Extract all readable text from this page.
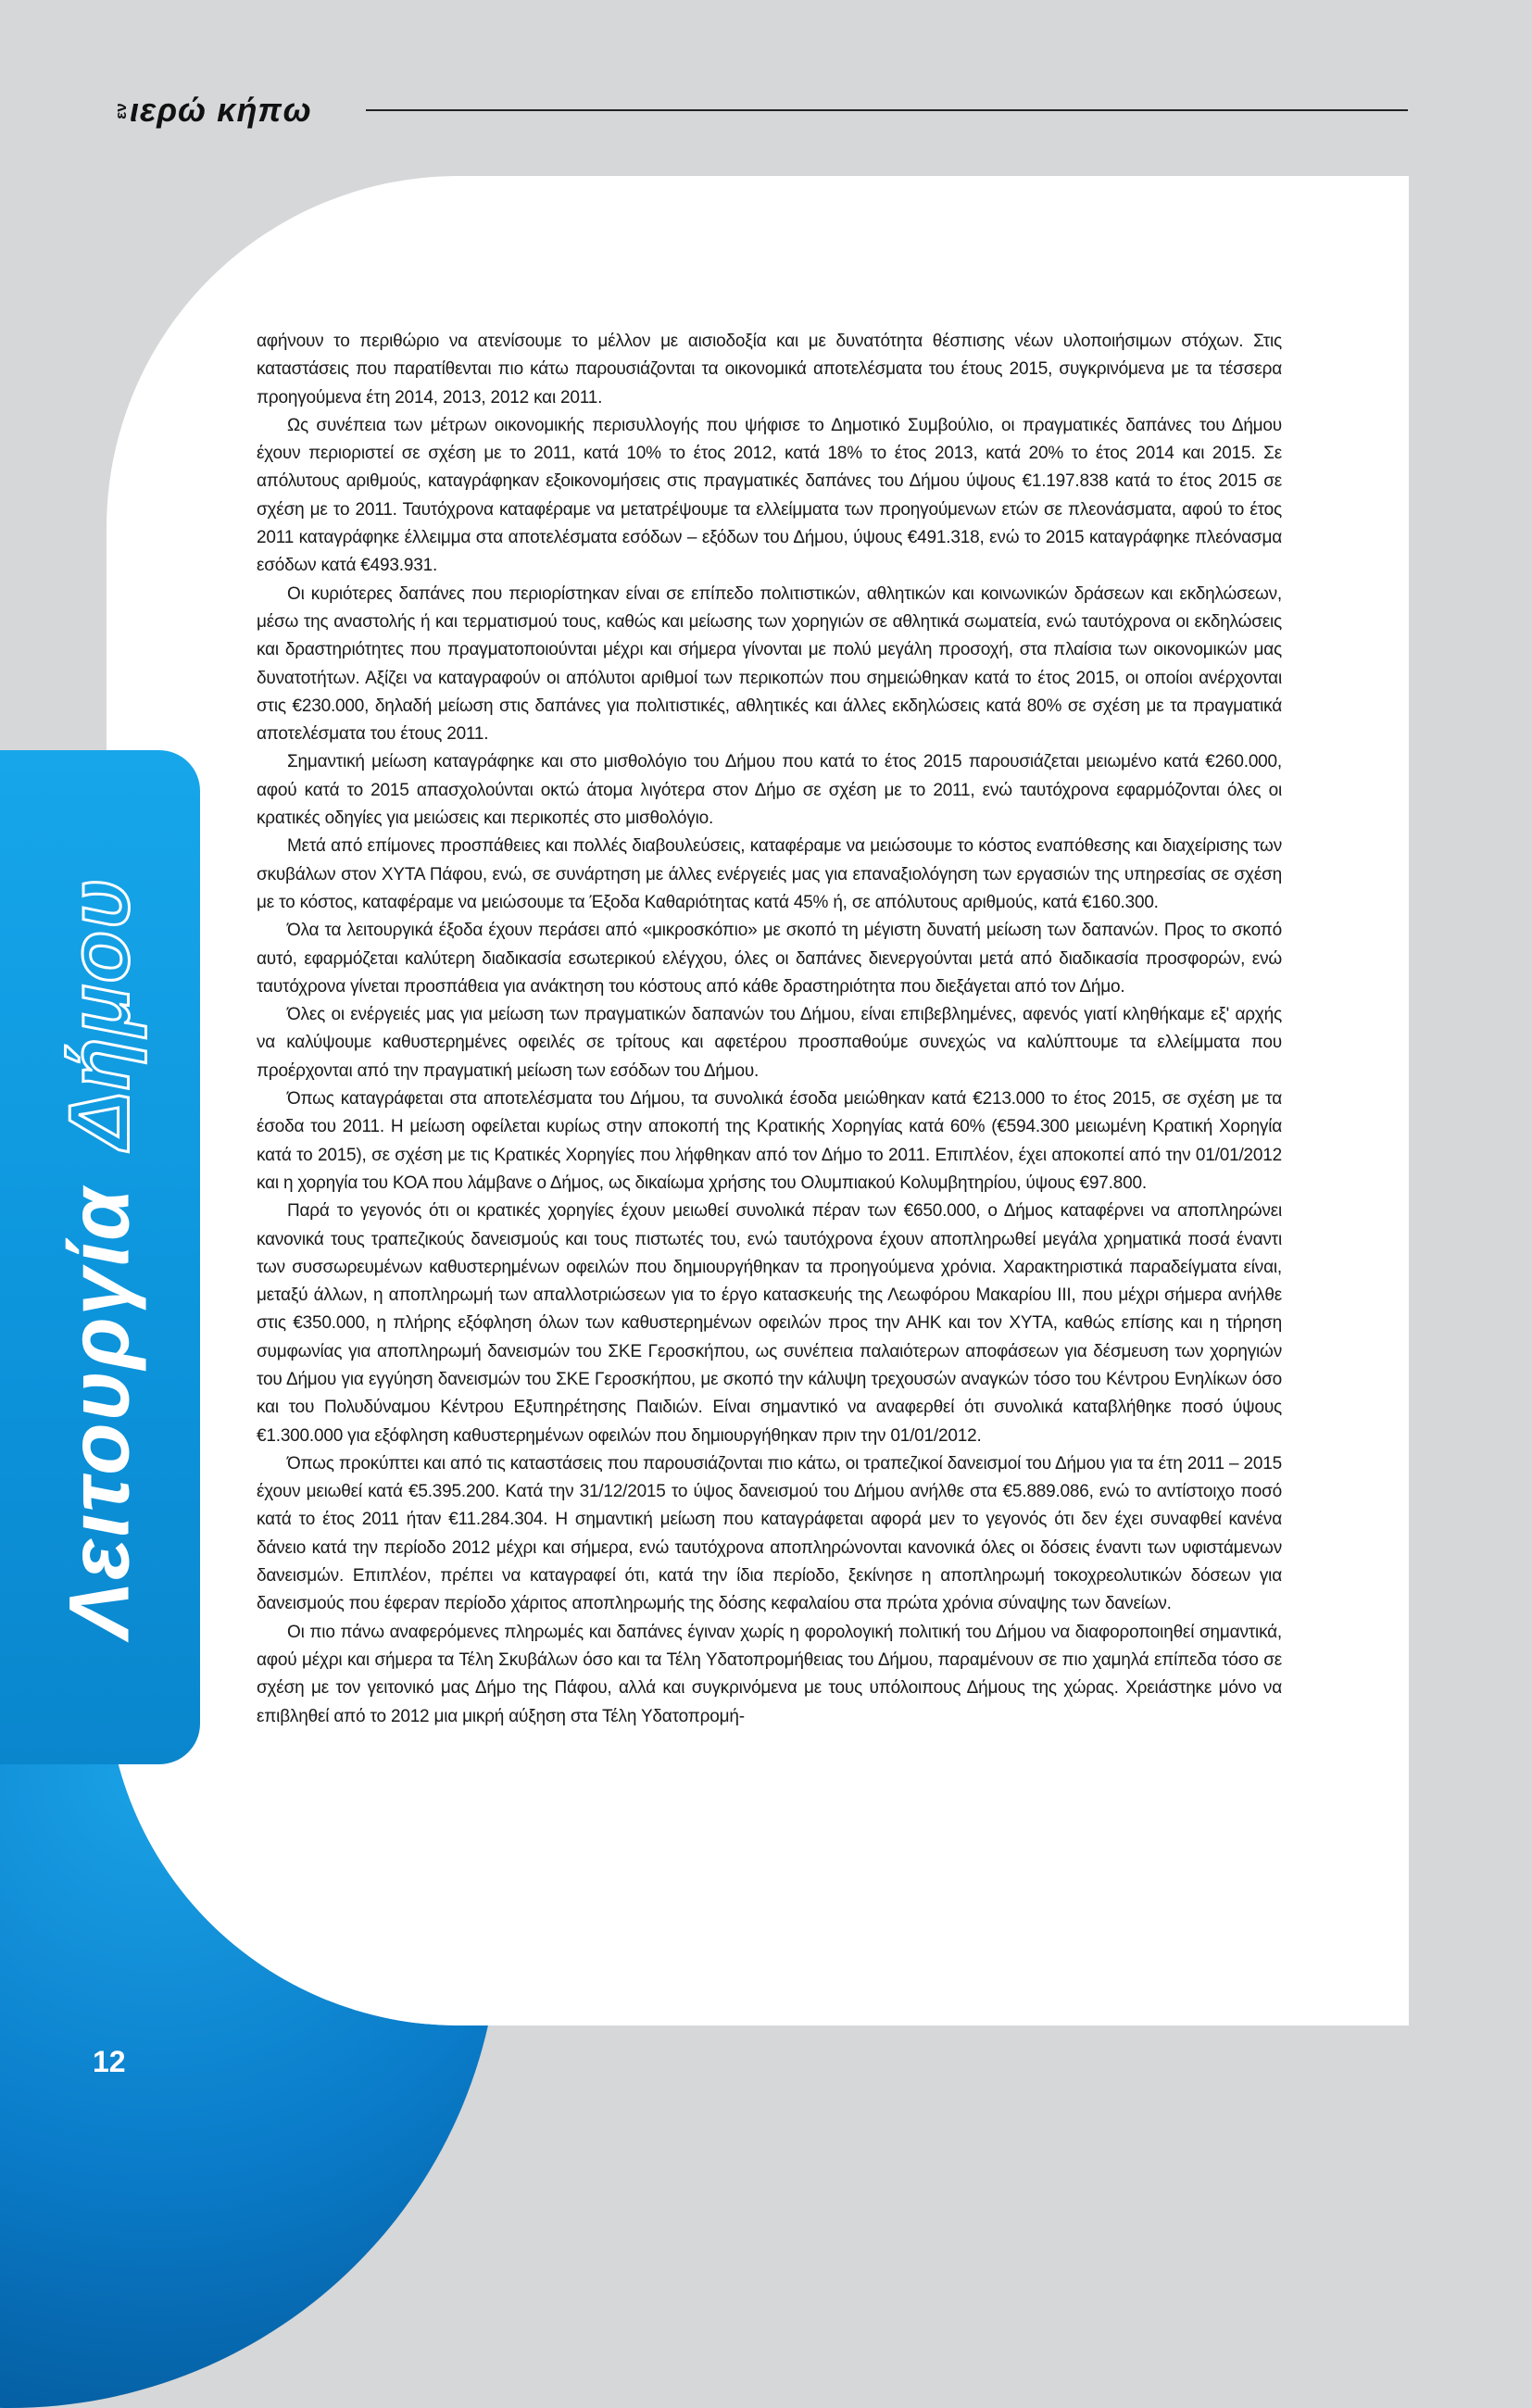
εν ιερώ κήπω
ΛειτουργίαΔήμου

αφήνουν το περιθώριο να ατενίσουμε το μέλλον με αισιοδοξία και με δυνατότητα θέσπισης νέων υλοποιήσιμων στόχων. Στις καταστάσεις που παρατίθενται πιο κάτω παρουσιάζονται τα οικονομικά αποτελέσματα του έτους 2015, συγκρινόμενα με τα τέσσερα προηγούμενα έτη 2014, 2013, 2012 και 2011.

Ως συνέπεια των μέτρων οικονομικής περισυλλογής που ψήφισε το Δημοτικό Συμβούλιο, οι πραγματικές δαπάνες του Δήμου έχουν περιοριστεί σε σχέση με το 2011, κατά 10% το έτος 2012, κατά 18% το έτος 2013, κατά 20% το έτος 2014 και 2015. Σε απόλυτους αριθμούς, καταγράφηκαν εξοικονομήσεις στις πραγματικές δαπάνες του Δήμου ύψους €1.197.838 κατά το έτος 2015 σε σχέση με το 2011. Ταυτόχρονα καταφέραμε να μετατρέψουμε τα ελλείμματα των προηγούμενων ετών σε πλεονάσματα, αφού το έτος 2011 καταγράφηκε έλλειμμα στα αποτελέσματα εσόδων – εξόδων του Δήμου, ύψους €491.318, ενώ το 2015 καταγράφηκε πλεόνασμα εσόδων κατά €493.931.

Οι κυριότερες δαπάνες που περιορίστηκαν είναι σε επίπεδο πολιτιστικών, αθλητικών και κοινωνικών δράσεων και εκδηλώσεων, μέσω της αναστολής ή και τερματισμού τους, καθώς και μείωσης των χορηγιών σε αθλητικά σωματεία, ενώ ταυτόχρονα οι εκδηλώσεις και δραστηριότητες που πραγματοποιούνται μέχρι και σήμερα γίνονται με πολύ μεγάλη προσοχή, στα πλαίσια των οικονομικών μας δυνατοτήτων. Αξίζει να καταγραφούν οι απόλυτοι αριθμοί των περικοπών που σημειώθηκαν κατά το έτος 2015, οι οποίοι ανέρχονται στις €230.000, δηλαδή μείωση στις δαπάνες για πολιτιστικές, αθλητικές και άλλες εκδηλώσεις κατά 80% σε σχέση με τα πραγματικά αποτελέσματα του έτους 2011.

Σημαντική μείωση καταγράφηκε και στο μισθολόγιο του Δήμου που κατά το έτος 2015 παρουσιάζεται μειωμένο κατά €260.000, αφού κατά το 2015 απασχολούνται οκτώ άτομα λιγότερα στον Δήμο σε σχέση με το 2011, ενώ ταυτόχρονα εφαρμόζονται όλες οι κρατικές οδηγίες για μειώσεις και περικοπές στο μισθολόγιο.

Μετά από επίμονες προσπάθειες και πολλές διαβουλεύσεις, καταφέραμε να μειώσουμε το κόστος εναπόθεσης και διαχείρισης των σκυβάλων στον ΧΥΤΑ Πάφου, ενώ, σε συνάρτηση με άλλες ενέργειές μας για επαναξιολόγηση των εργασιών της υπηρεσίας σε σχέση με το κόστος, καταφέραμε να μειώσουμε τα Έξοδα Καθαριότητας κατά 45% ή, σε απόλυτους αριθμούς, κατά €160.300.

Όλα τα λειτουργικά έξοδα έχουν περάσει από «μικροσκόπιο» με σκοπό τη μέγιστη δυνατή μείωση των δαπανών. Προς το σκοπό αυτό, εφαρμόζεται καλύτερη διαδικασία εσωτερικού ελέγχου, όλες οι δαπάνες διενεργούνται μετά από διαδικασία προσφορών, ενώ ταυτόχρονα γίνεται προσπάθεια για ανάκτηση του κόστους από κάθε δραστηριότητα που διεξάγεται από τον Δήμο.

Όλες οι ενέργειές μας για μείωση των πραγματικών δαπανών του Δήμου, είναι επιβεβλημένες, αφενός γιατί κληθήκαμε εξ' αρχής να καλύψουμε καθυστερημένες οφειλές σε τρίτους και αφετέρου προσπαθούμε συνεχώς να καλύπτουμε τα ελλείμματα που προέρχονται από την πραγματική μείωση των εσόδων του Δήμου.

Όπως καταγράφεται στα αποτελέσματα του Δήμου, τα συνολικά έσοδα μειώθηκαν κατά €213.000 το έτος 2015, σε σχέση με τα έσοδα του 2011. Η μείωση οφείλεται κυρίως στην αποκοπή της Κρατικής Χορηγίας κατά 60% (€594.300 μειωμένη Κρατική Χορηγία κατά το 2015), σε σχέση με τις Κρατικές Χορηγίες που λήφθηκαν από τον Δήμο το 2011. Επιπλέον, έχει αποκοπεί από την 01/01/2012 και η χορηγία του ΚΟΑ που λάμβανε ο Δήμος, ως δικαίωμα χρήσης του Ολυμπιακού Κολυμβητηρίου, ύψους €97.800.

Παρά το γεγονός ότι οι κρατικές χορηγίες έχουν μειωθεί συνολικά πέραν των €650.000, ο Δήμος καταφέρνει να αποπληρώνει κανονικά τους τραπεζικούς δανεισμούς και τους πιστωτές του, ενώ ταυτόχρονα έχουν αποπληρωθεί μεγάλα χρηματικά ποσά έναντι των συσσωρευμένων καθυστερημένων οφειλών που δημιουργήθηκαν τα προηγούμενα χρόνια. Χαρακτηριστικά παραδείγματα είναι, μεταξύ άλλων, η αποπληρωμή των απαλλοτριώσεων για το έργο κατασκευής της Λεωφόρου Μακαρίου ΙΙΙ, που μέχρι σήμερα ανήλθε στις €350.000, η πλήρης εξόφληση όλων των καθυστερημένων οφειλών προς την ΑΗΚ και τον ΧΥΤΑ, καθώς επίσης και η τήρηση συμφωνίας για αποπληρωμή δανεισμών του ΣΚΕ Γεροσκήπου, ως συνέπεια παλαιότερων αποφάσεων για δέσμευση των χορηγιών του Δήμου για εγγύηση δανεισμών του ΣΚΕ Γεροσκήπου, με σκοπό την κάλυψη τρεχουσών αναγκών τόσο του Κέντρου Ενηλίκων όσο και του Πολυδύναμου Κέντρου Εξυπηρέτησης Παιδιών. Είναι σημαντικό να αναφερθεί ότι συνολικά καταβλήθηκε ποσό ύψους €1.300.000 για εξόφληση καθυστερημένων οφειλών που δημιουργήθηκαν πριν την 01/01/2012.

Όπως προκύπτει και από τις καταστάσεις που παρουσιάζονται πιο κάτω, οι τραπεζικοί δανεισμοί του Δήμου για τα έτη 2011 – 2015 έχουν μειωθεί κατά €5.395.200. Κατά την 31/12/2015 το ύψος δανεισμού του Δήμου ανήλθε στα €5.889.086, ενώ το αντίστοιχο ποσό κατά το έτος 2011 ήταν €11.284.304. Η σημαντική μείωση που καταγράφεται αφορά μεν το γεγονός ότι δεν έχει συναφθεί κανένα δάνειο κατά την περίοδο 2012 μέχρι και σήμερα, ενώ ταυτόχρονα αποπληρώνονται κανονικά όλες οι δόσεις έναντι των υφιστάμενων δανεισμών. Επιπλέον, πρέπει να καταγραφεί ότι, κατά την ίδια περίοδο, ξεκίνησε η αποπληρωμή τοκοχρεολυτικών δόσεων για δανεισμούς που έφεραν περίοδο χάριτος αποπληρωμής της δόσης κεφαλαίου στα πρώτα χρόνια σύναψης των δανείων.

Οι πιο πάνω αναφερόμενες πληρωμές και δαπάνες έγιναν χωρίς η φορολογική πολιτική του Δήμου να διαφοροποιηθεί σημαντικά, αφού μέχρι και σήμερα τα Τέλη Σκυβάλων όσο και τα Τέλη Υδατοπρομήθειας του Δήμου, παραμένουν σε πιο χαμηλά επίπεδα τόσο σε σχέση με τον γειτονικό μας Δήμο της Πάφου, αλλά και συγκρινόμενα με τους υπόλοιπους Δήμους της χώρας. Χρειάστηκε μόνο να επιβληθεί από το 2012 μια μικρή αύξηση στα Τέλη Υδατοπρομή-

12
